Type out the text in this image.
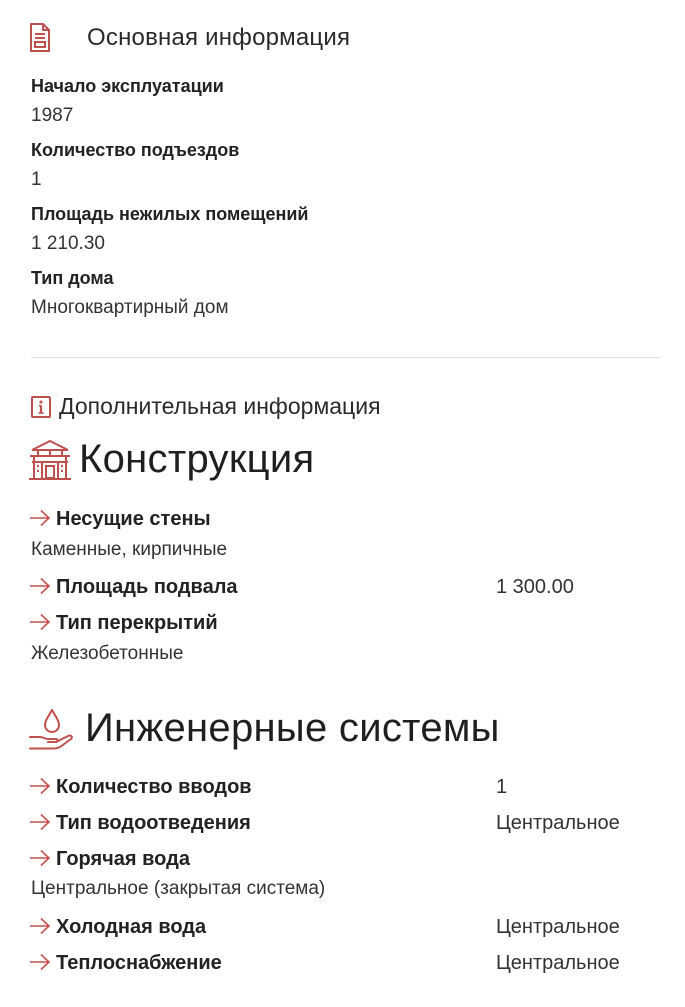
Основная информация
Начало эксплуатации
1987
Количество подъездов
1
Площадь нежилых помещений
1 210.30
Тип дома
Многоквартирный дом
Дополнительная информация
Конструкция
Несущие стены
Каменные, кирпичные
Площадь подвала	1 300.00
Тип перекрытий
Железобетонные
Инженерные системы
Количество вводов	1
Тип водоотведения	Центральное
Горячая вода
Центральное (закрытая система)
Холодная вода	Центральное
Теплоснабжение	Центральное
